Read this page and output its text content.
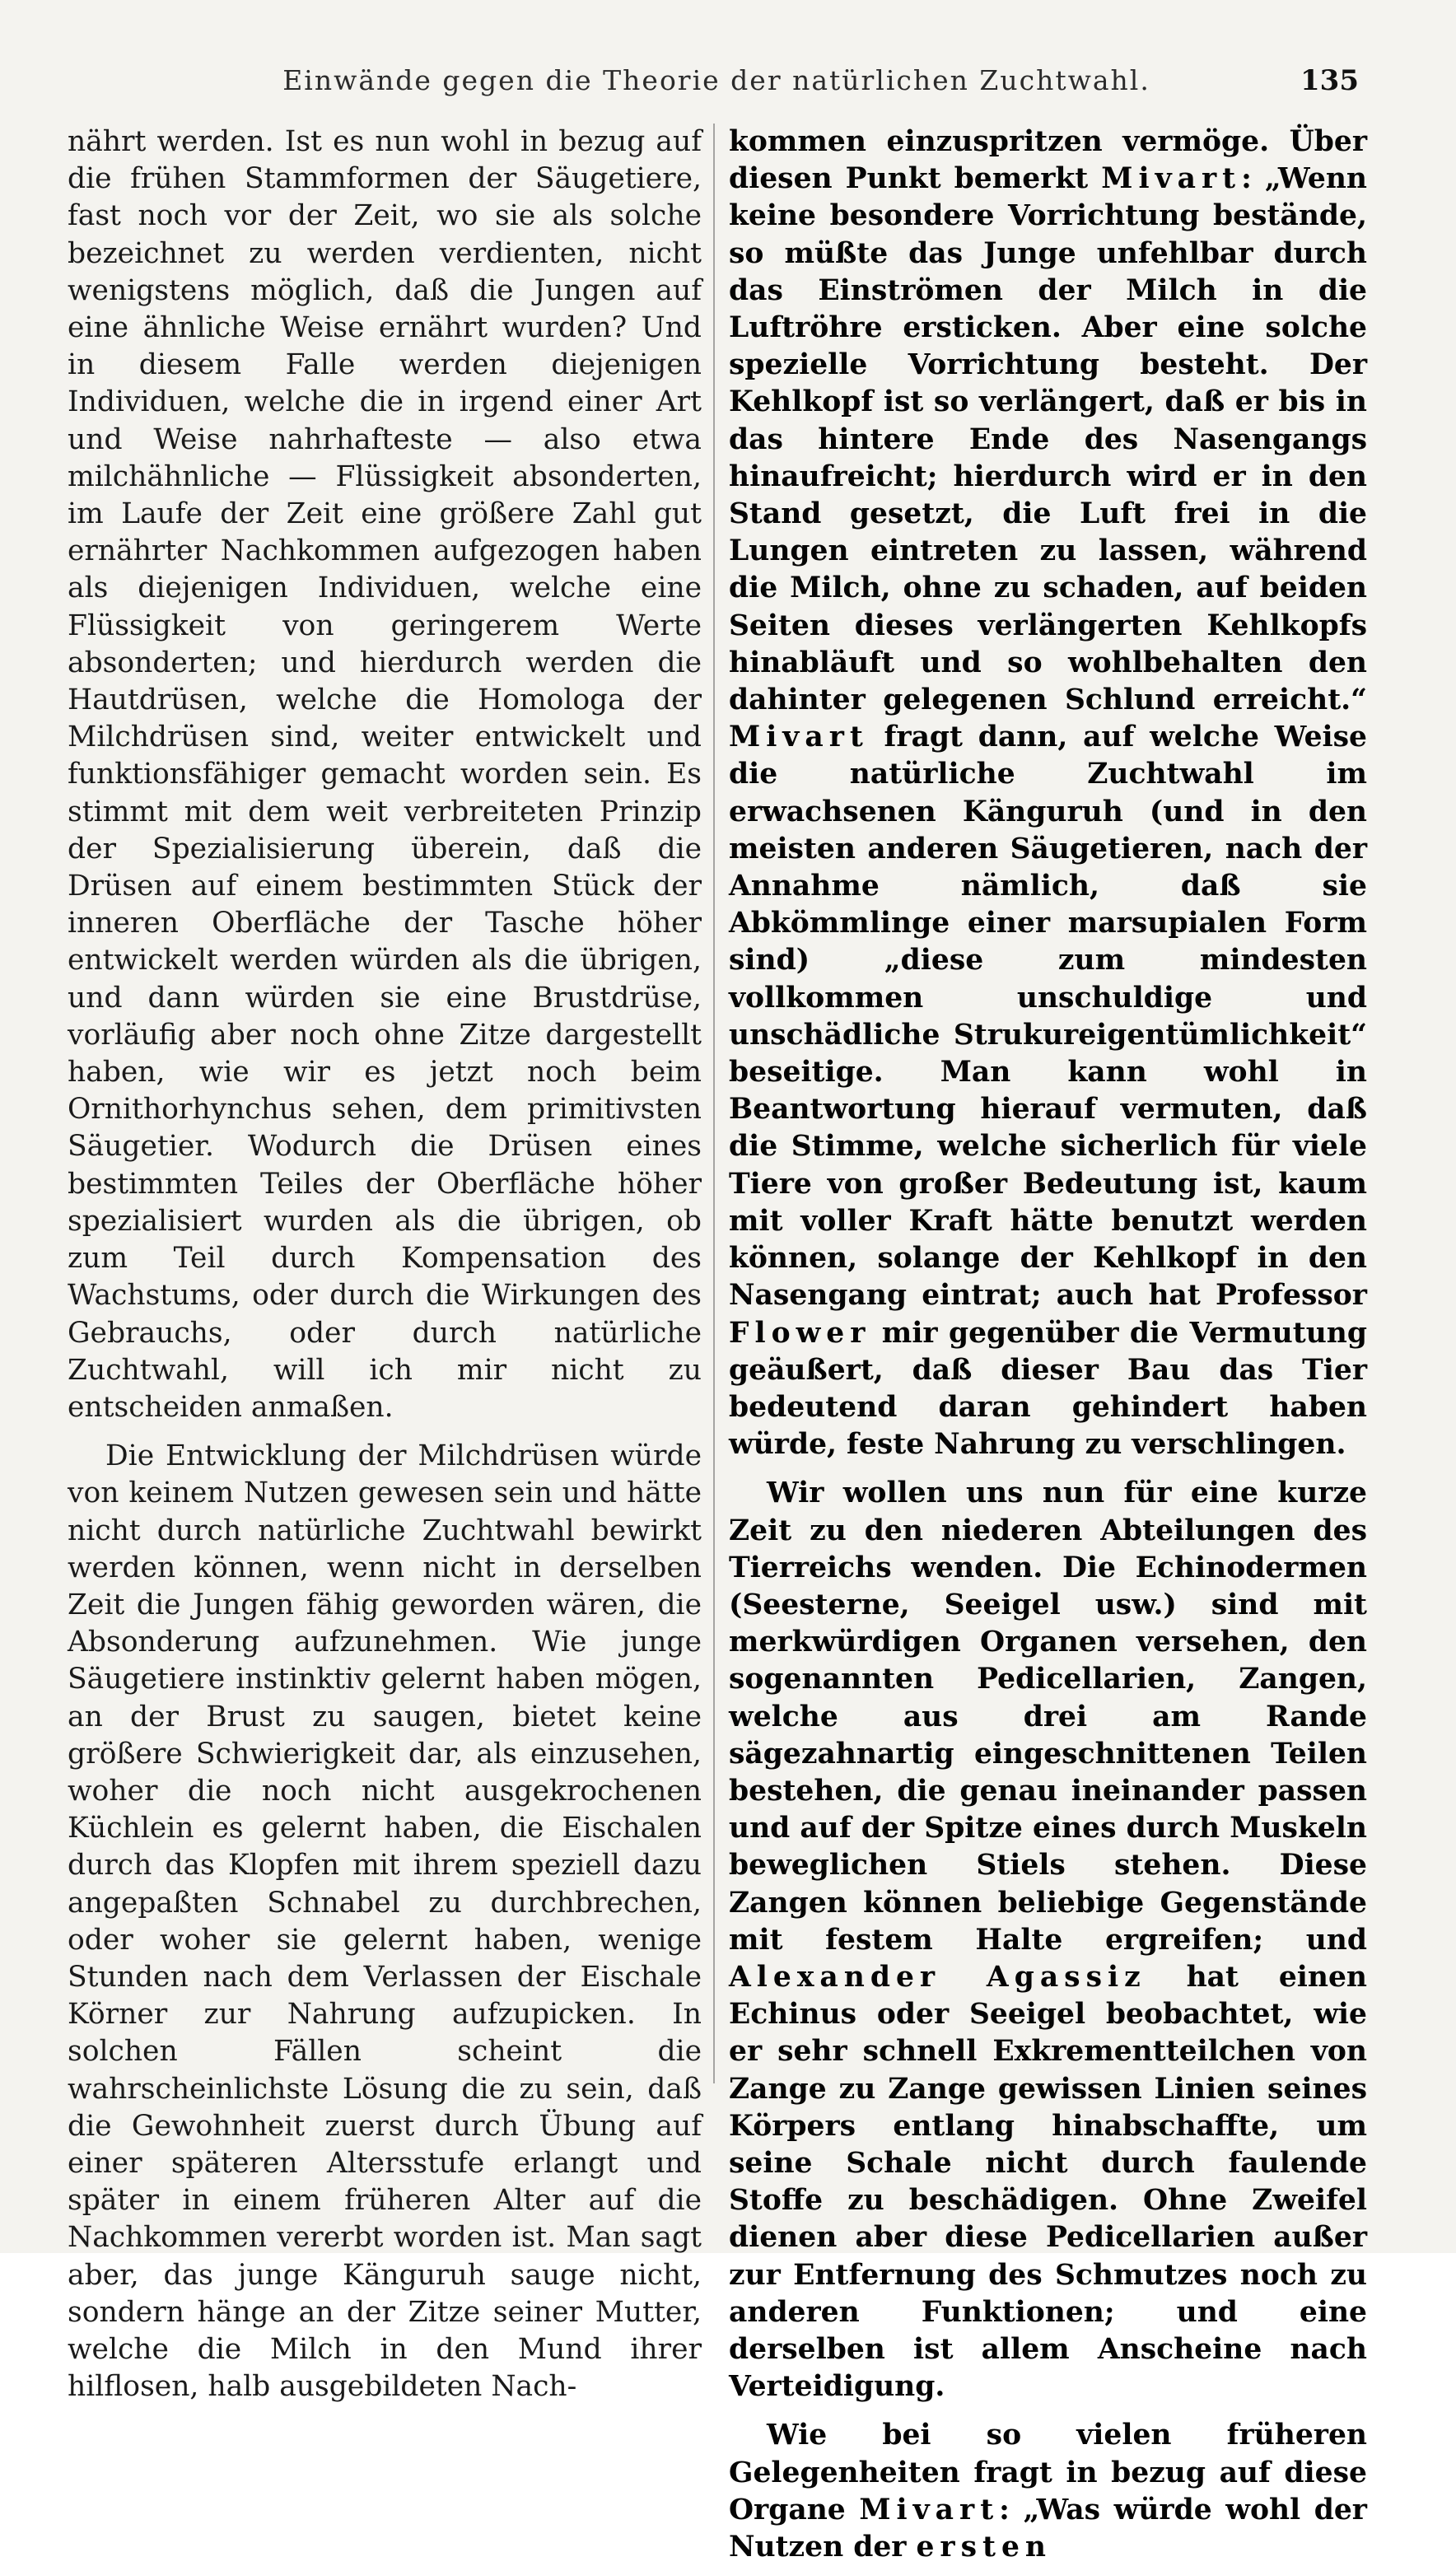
Einwände gegen die Theorie der natürlichen Zuchtwahl.	135

nährt werden. Ist es nun wohl in bezug auf die frühen Stammformen der Säugetiere, fast noch vor der Zeit, wo sie als solche bezeichnet zu werden verdienten, nicht wenigstens möglich, daß die Jungen auf eine ähnliche Weise ernährt wurden? Und in diesem Falle werden diejenigen Individuen, welche die in irgend einer Art und Weise nahrhafteste — also etwa milchähnliche — Flüssigkeit absonderten, im Laufe der Zeit eine größere Zahl gut ernährter Nachkommen aufgezogen haben als diejenigen Individuen, welche eine Flüssigkeit von geringerem Werte absonderten; und hierdurch werden die Hautdrüsen, welche die Homologa der Milchdrüsen sind, weiter entwickelt und funktionsfähiger gemacht worden sein. Es stimmt mit dem weit verbreiteten Prinzip der Spezialisierung überein, daß die Drüsen auf einem bestimmten Stück der inneren Oberfläche der Tasche höher entwickelt werden würden als die übrigen, und dann würden sie eine Brustdrüse, vorläufig aber noch ohne Zitze dargestellt haben, wie wir es jetzt noch beim Ornithorhynchus sehen, dem primitivsten Säugetier. Wodurch die Drüsen eines bestimmten Teiles der Oberfläche höher spezialisiert wurden als die übrigen, ob zum Teil durch Kompensation des Wachstums, oder durch die Wirkungen des Gebrauchs, oder durch natürliche Zuchtwahl, will ich mir nicht zu entscheiden anmaßen.

Die Entwicklung der Milchdrüsen würde von keinem Nutzen gewesen sein und hätte nicht durch natürliche Zuchtwahl bewirkt werden können, wenn nicht in derselben Zeit die Jungen fähig geworden wären, die Absonderung aufzunehmen. Wie junge Säugetiere instinktiv gelernt haben mögen, an der Brust zu saugen, bietet keine größere Schwierigkeit dar, als einzusehen, woher die noch nicht ausgekrochenen Küchlein es gelernt haben, die Eischalen durch das Klopfen mit ihrem speziell dazu angepaßten Schnabel zu durchbrechen, oder woher sie gelernt haben, wenige Stunden nach dem Verlassen der Eischale Körner zur Nahrung aufzupicken. In solchen Fällen scheint die wahrscheinlichste Lösung die zu sein, daß die Gewohnheit zuerst durch Übung auf einer späteren Altersstufe erlangt und später in einem früheren Alter auf die Nachkommen vererbt worden ist. Man sagt aber, das junge Känguruh sauge nicht, sondern hänge an der Zitze seiner Mutter, welche die Milch in den Mund ihrer hilflosen, halb ausgebildeten Nach-

kommen einzuspritzen vermöge. Über diesen Punkt bemerkt Mivart: „Wenn keine besondere Vorrichtung bestände, so müßte das Junge unfehlbar durch das Einströmen der Milch in die Luftröhre ersticken. Aber eine solche spezielle Vorrichtung besteht. Der Kehlkopf ist so verlängert, daß er bis in das hintere Ende des Nasengangs hinaufreicht; hierdurch wird er in den Stand gesetzt, die Luft frei in die Lungen eintreten zu lassen, während die Milch, ohne zu schaden, auf beiden Seiten dieses verlängerten Kehlkopfs hinabläuft und so wohlbehalten den dahinter gelegenen Schlund erreicht.“ Mivart fragt dann, auf welche Weise die natürliche Zuchtwahl im erwachsenen Känguruh (und in den meisten anderen Säugetieren, nach der Annahme nämlich, daß sie Abkömmlinge einer marsupialen Form sind) „diese zum mindesten vollkommen unschuldige und unschädliche Strukureigentümlichkeit“ beseitige. Man kann wohl in Beantwortung hierauf vermuten, daß die Stimme, welche sicherlich für viele Tiere von großer Bedeutung ist, kaum mit voller Kraft hätte benutzt werden können, solange der Kehlkopf in den Nasengang eintrat; auch hat Professor Flower mir gegenüber die Vermutung geäußert, daß dieser Bau das Tier bedeutend daran gehindert haben würde, feste Nahrung zu verschlingen.

Wir wollen uns nun für eine kurze Zeit zu den niederen Abteilungen des Tierreichs wenden. Die Echinodermen (Seesterne, Seeigel usw.) sind mit merkwürdigen Organen versehen, den sogenannten Pedicellarien, Zangen, welche aus drei am Rande sägezahnartig eingeschnittenen Teilen bestehen, die genau ineinander passen und auf der Spitze eines durch Muskeln beweglichen Stiels stehen. Diese Zangen können beliebige Gegenstände mit festem Halte ergreifen; und Alexander Agassiz hat einen Echinus oder Seeigel beobachtet, wie er sehr schnell Exkrementteilchen von Zange zu Zange gewissen Linien seines Körpers entlang hinabschaffte, um seine Schale nicht durch faulende Stoffe zu beschädigen. Ohne Zweifel dienen aber diese Pedicellarien außer zur Entfernung des Schmutzes noch zu anderen Funktionen; und eine derselben ist allem Anscheine nach Verteidigung.

Wie bei so vielen früheren Gelegenheiten fragt in bezug auf diese Organe Mivart: „Was würde wohl der Nutzen der ersten
